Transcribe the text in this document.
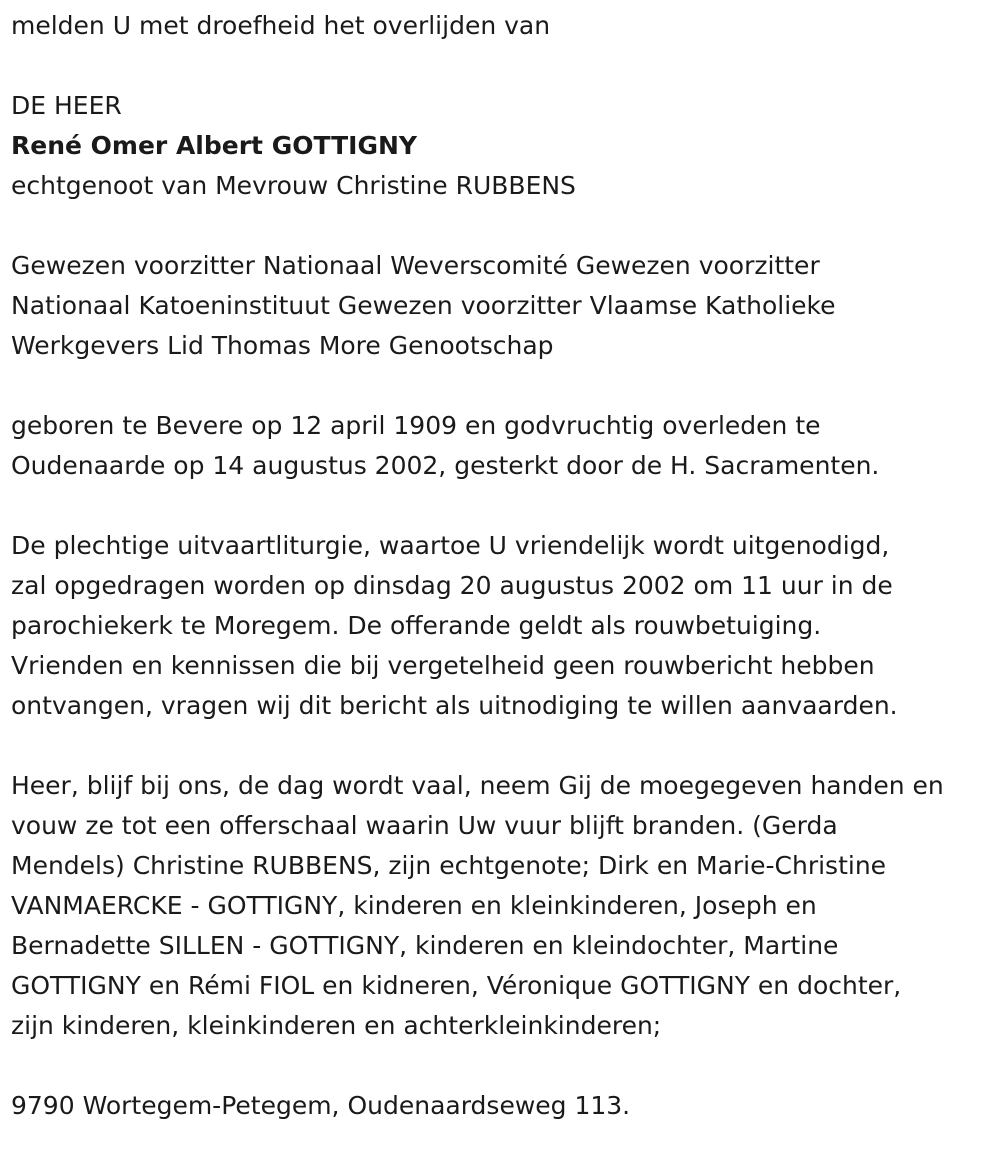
melden U met droefheid het overlijden van
DE HEER
René Omer Albert GOTTIGNY
echtgenoot van Mevrouw Christine RUBBENS
Gewezen voorzitter Nationaal Weverscomité Gewezen voorzitter
Nationaal Katoeninstituut Gewezen voorzitter Vlaamse Katholieke
Werkgevers Lid Thomas More Genootschap
geboren te Bevere op 12 april 1909 en godvruchtig overleden te
Oudenaarde op 14 augustus 2002, gesterkt door de H. Sacramenten.
De plechtige uitvaartliturgie, waartoe U vriendelijk wordt uitgenodigd,
zal opgedragen worden op dinsdag 20 augustus 2002 om 11 uur in de
parochiekerk te Moregem. De offerande geldt als rouwbetuiging.
Vrienden en kennissen die bij vergetelheid geen rouwbericht hebben
ontvangen, vragen wij dit bericht als uitnodiging te willen aanvaarden.
Heer, blijf bij ons, de dag wordt vaal, neem Gij de moegegeven handen en
vouw ze tot een offerschaal waarin Uw vuur blijft branden. (Gerda
Mendels) Christine RUBBENS, zijn echtgenote; Dirk en Marie-Christine
VANMAERCKE - GOTTIGNY, kinderen en kleinkinderen, Joseph en
Bernadette SILLEN - GOTTIGNY, kinderen en kleindochter, Martine
GOTTIGNY en Rémi FIOL en kidneren, Véronique GOTTIGNY en dochter,
zijn kinderen, kleinkinderen en achterkleinkinderen;
9790 Wortegem-Petegem, Oudenaardseweg 113.
